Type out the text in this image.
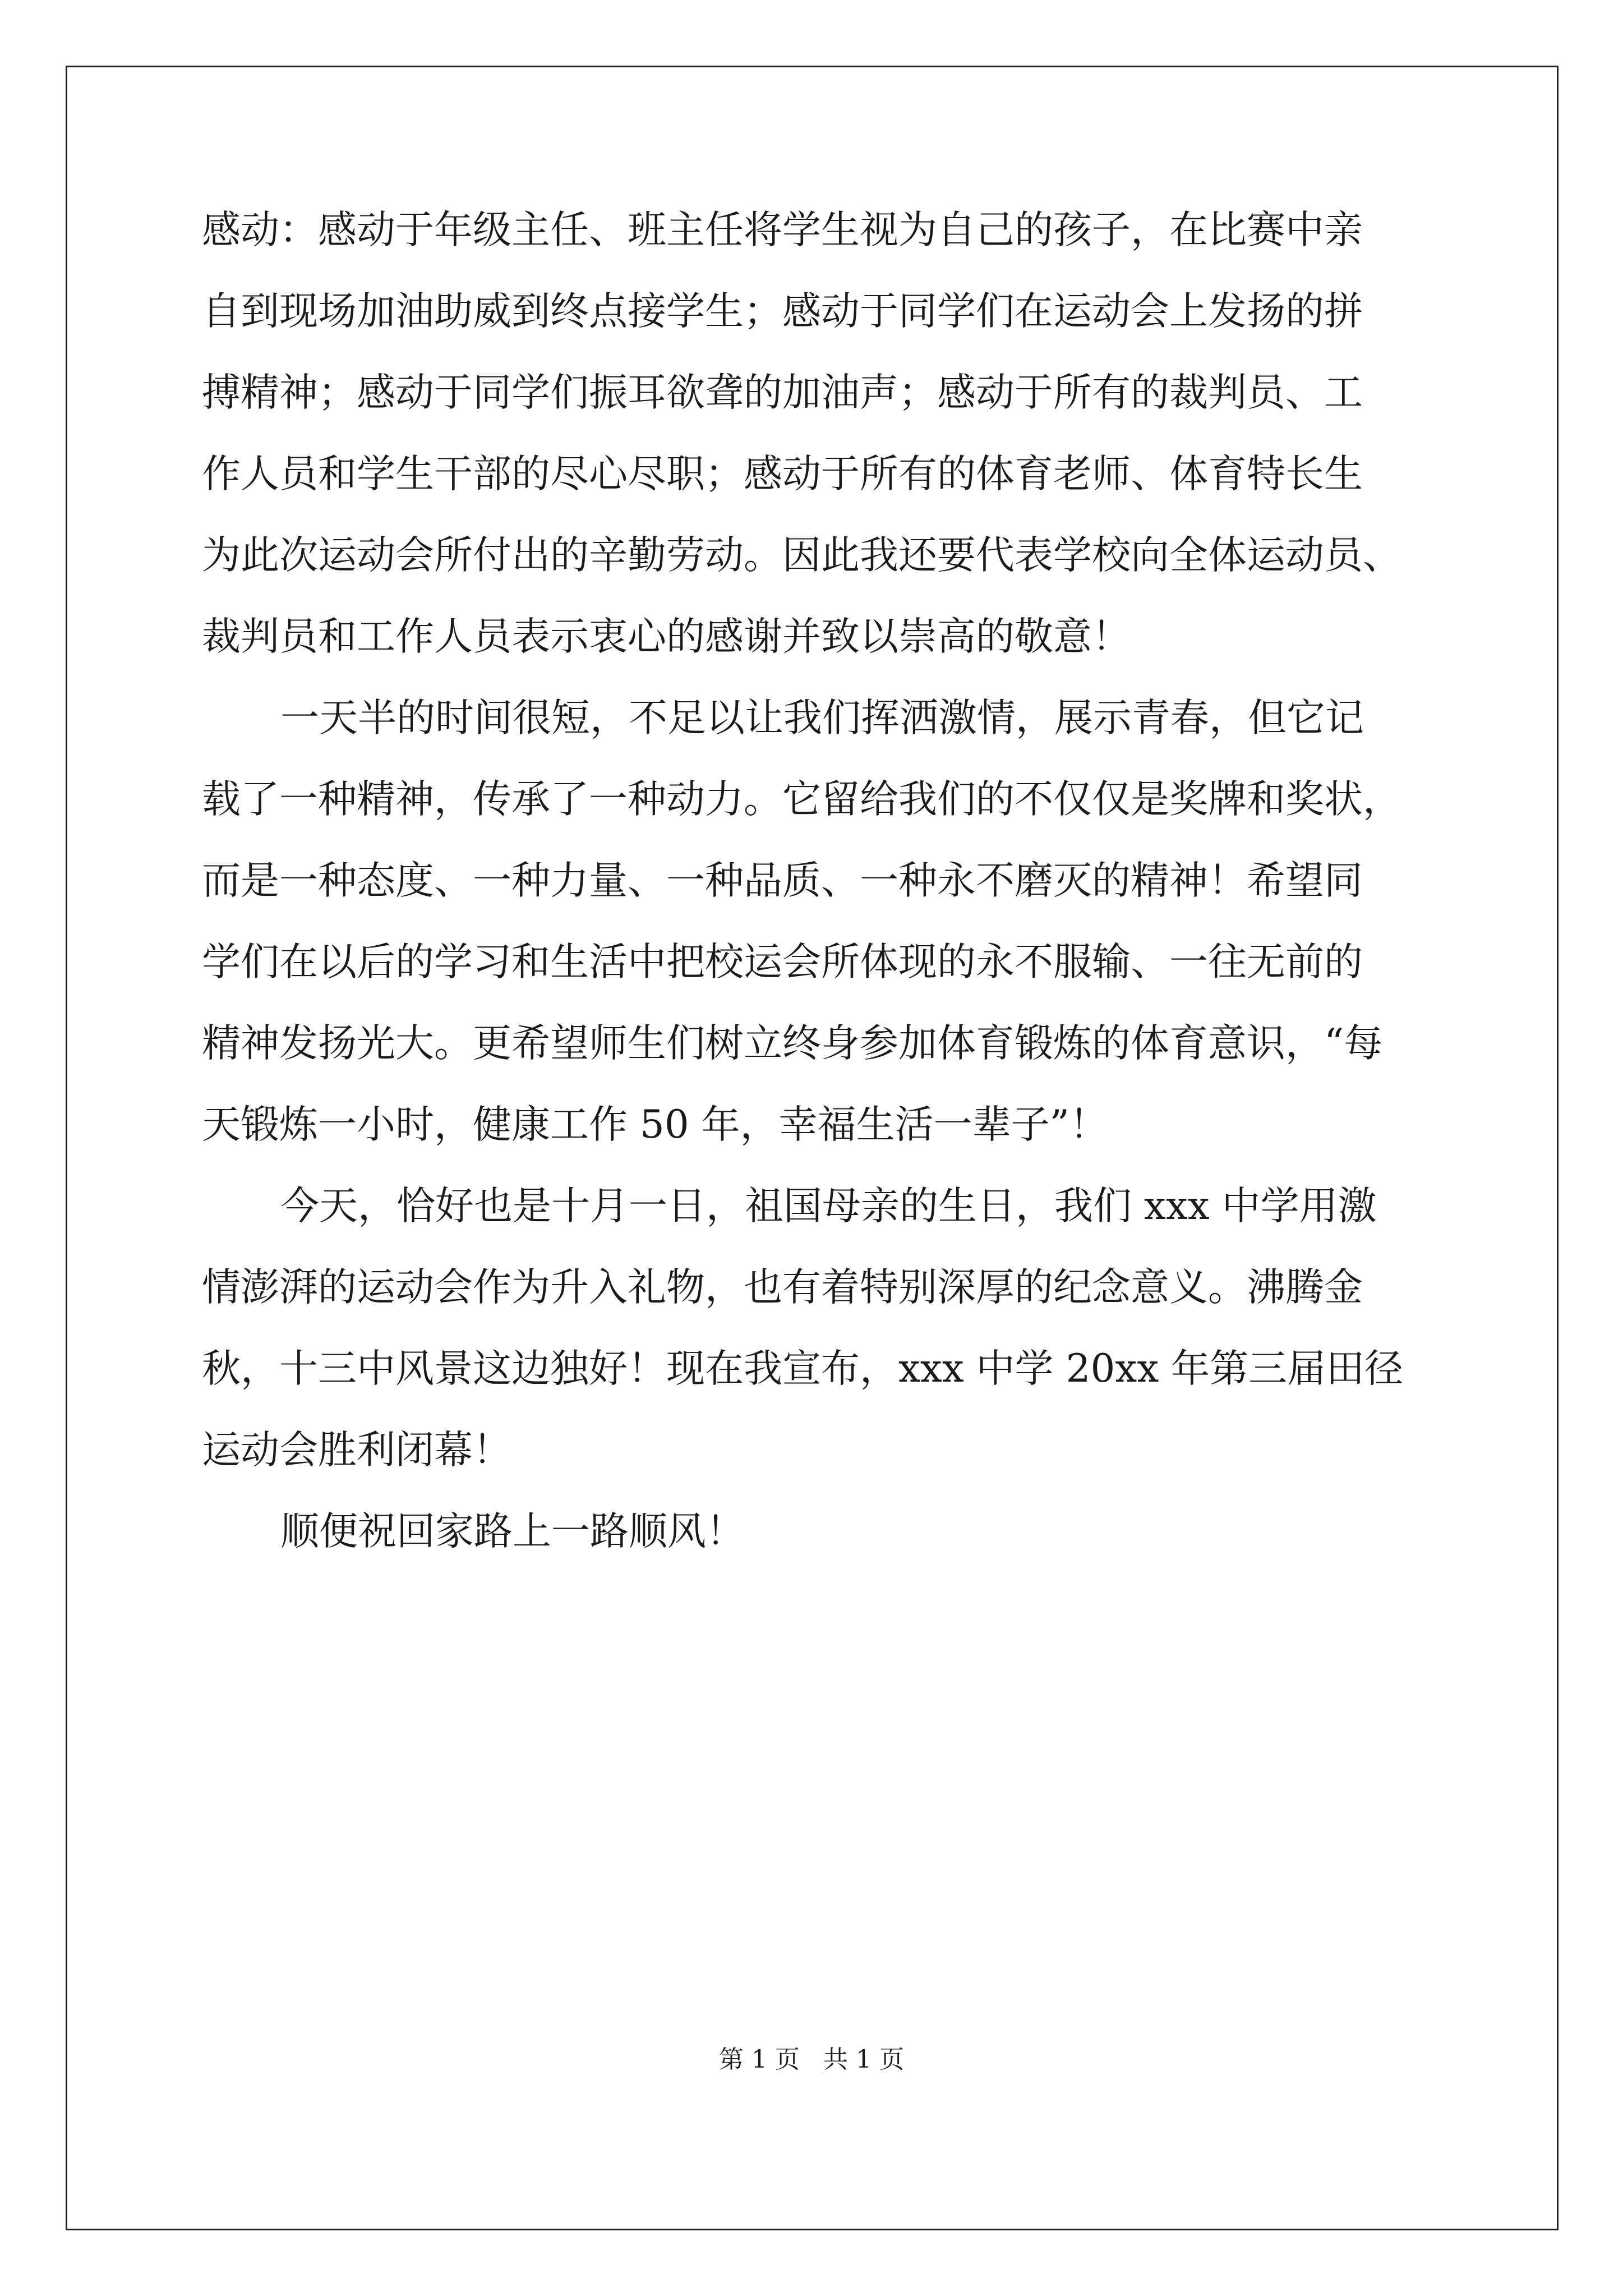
感动：感动于年级主任、班主任将学生视为自己的孩子，在比赛中亲
自到现场加油助威到终点接学生；感动于同学们在运动会上发扬的拼
搏精神；感动于同学们振耳欲聋的加油声；感动于所有的裁判员、工
作人员和学生干部的尽心尽职；感动于所有的体育老师、体育特长生
为此次运动会所付出的辛勤劳动。因此我还要代表学校向全体运动员、
裁判员和工作人员表示衷心的感谢并致以崇高的敬意！
一天半的时间很短，不足以让我们挥洒激情，展示青春，但它记
载了一种精神，传承了一种动力。它留给我们的不仅仅是奖牌和奖状，
而是一种态度、一种力量、一种品质、一种永不磨灭的精神！希望同
学们在以后的学习和生活中把校运会所体现的永不服输、一往无前的
精神发扬光大。更希望师生们树立终身参加体育锻炼的体育意识，“每
天锻炼一小时，健康工作 50 年，幸福生活一辈子”！
今天，恰好也是十月一日，祖国母亲的生日，我们 xxx 中学用激
情澎湃的运动会作为升入礼物，也有着特别深厚的纪念意义。沸腾金
秋，十三中风景这边独好！现在我宣布，xxx 中学 20xx 年第三届田径
运动会胜利闭幕！
顺便祝回家路上一路顺风！
第 1 页   共 1 页
